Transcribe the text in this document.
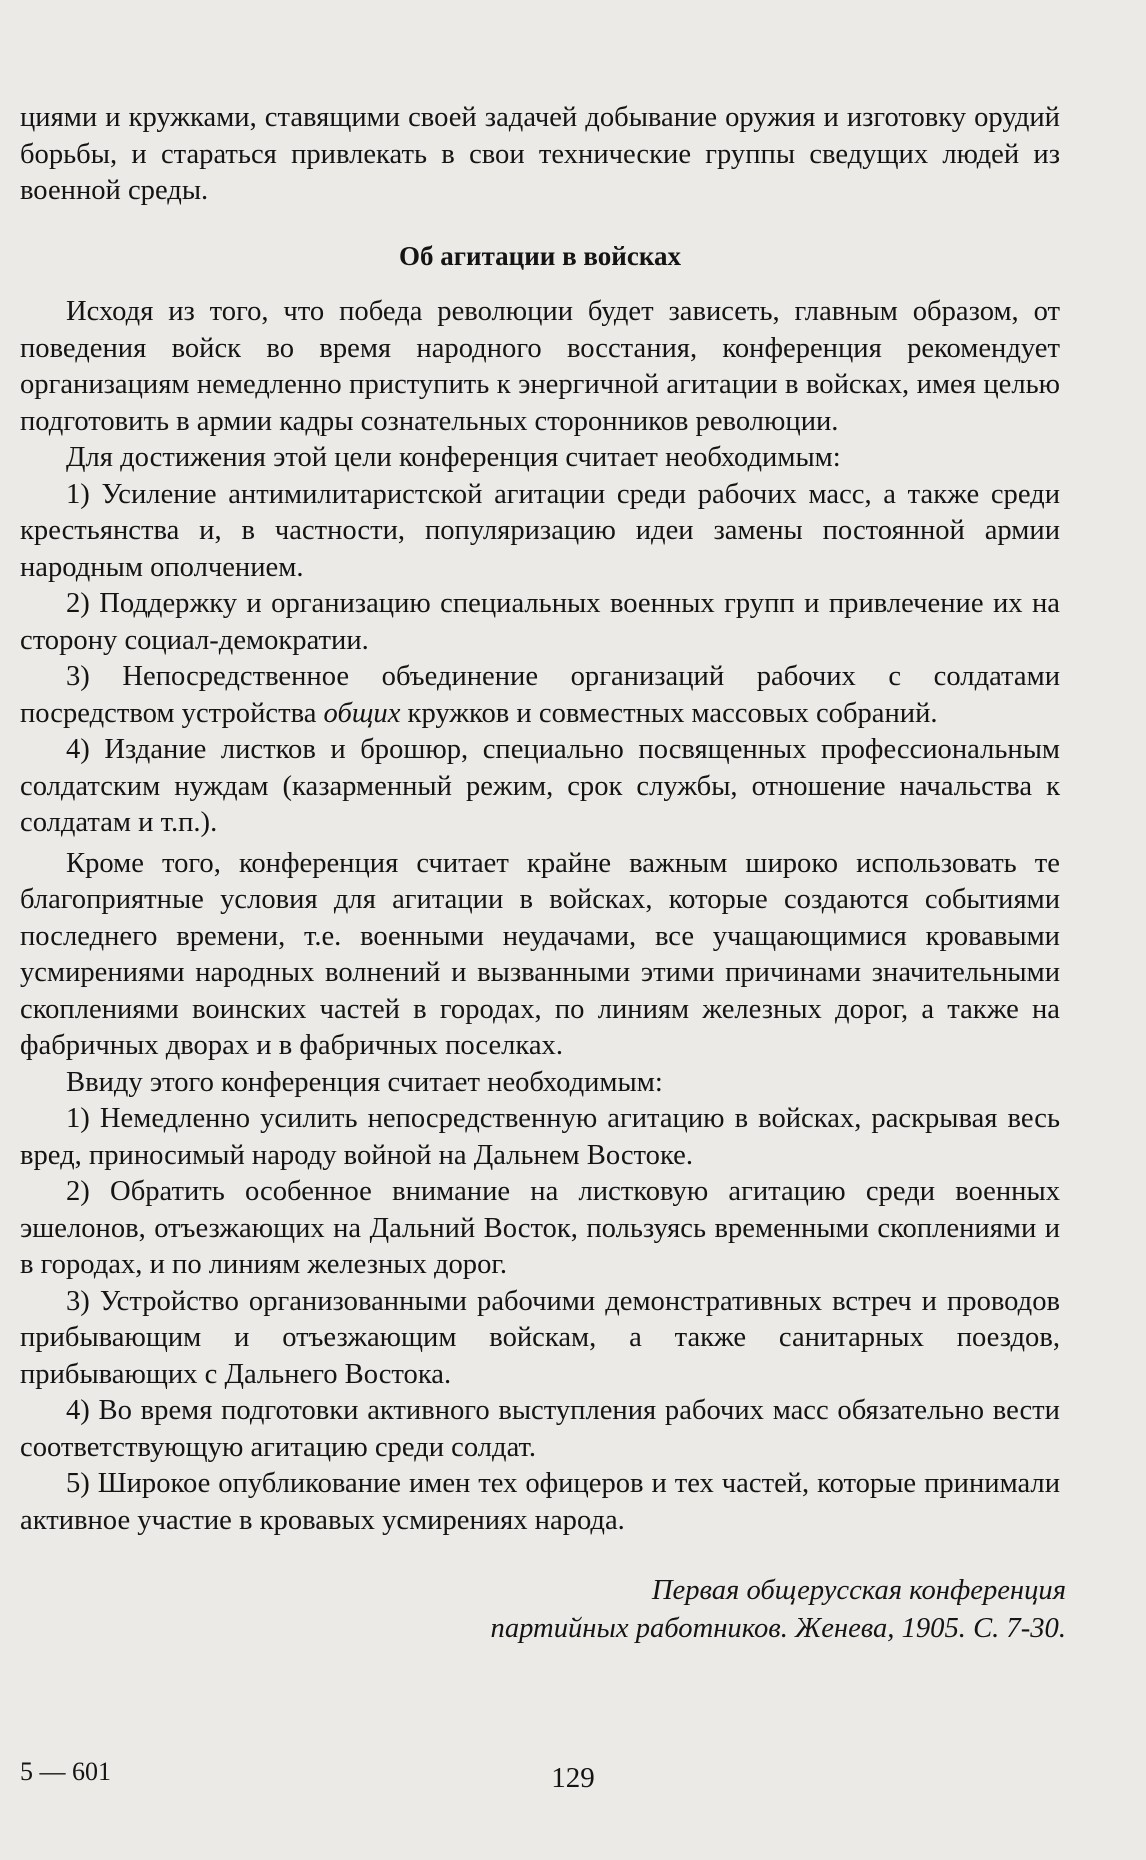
циями и кружками, ставящими своей задачей добывание оружия и изготовку орудий борьбы, и стараться привлекать в свои технические группы сведущих людей из военной среды.

Об агитации в войсках

Исходя из того, что победа революции будет зависеть, главным образом, от поведения войск во время народного восстания, конференция рекомендует организациям немедленно приступить к энергичной агитации в войсках, имея целью подготовить в армии кадры сознательных сторонников революции.

Для достижения этой цели конференция считает необходимым:

1) Усиление антимилитаристской агитации среди рабочих масс, а также среди крестьянства и, в частности, популяризацию идеи замены постоянной армии народным ополчением.

2) Поддержку и организацию специальных военных групп и привлечение их на сторону социал-демократии.

3) Непосредственное объединение организаций рабочих с солдатами посредством устройства общих кружков и совместных массовых собраний.

4) Издание листков и брошюр, специально посвященных профессиональным солдатским нуждам (казарменный режим, срок службы, отношение начальства к солдатам и т.п.).

Кроме того, конференция считает крайне важным широко использовать те благоприятные условия для агитации в войсках, которые создаются событиями последнего времени, т.е. военными неудачами, все учащающимися кровавыми усмирениями народных волнений и вызванными этими причинами значительными скоплениями воинских частей в городах, по линиям железных дорог, а также на фабричных дворах и в фабричных поселках.

Ввиду этого конференция считает необходимым:

1) Немедленно усилить непосредственную агитацию в войсках, раскрывая весь вред, приносимый народу войной на Дальнем Востоке.

2) Обратить особенное внимание на листковую агитацию среди военных эшелонов, отъезжающих на Дальний Восток, пользуясь временными скоплениями и в городах, и по линиям железных дорог.

3) Устройство организованными рабочими демонстративных встреч и проводов прибывающим и отъезжающим войскам, а также санитарных поездов, прибывающих с Дальнего Востока.

4) Во время подготовки активного выступления рабочих масс обязательно вести соответствующую агитацию среди солдат.

5) Широкое опубликование имен тех офицеров и тех частей, которые принимали активное участие в кровавых усмирениях народа.

Первая общерусская конференция
партийных работников. Женева, 1905. С. 7-30.
5 — 601	129
